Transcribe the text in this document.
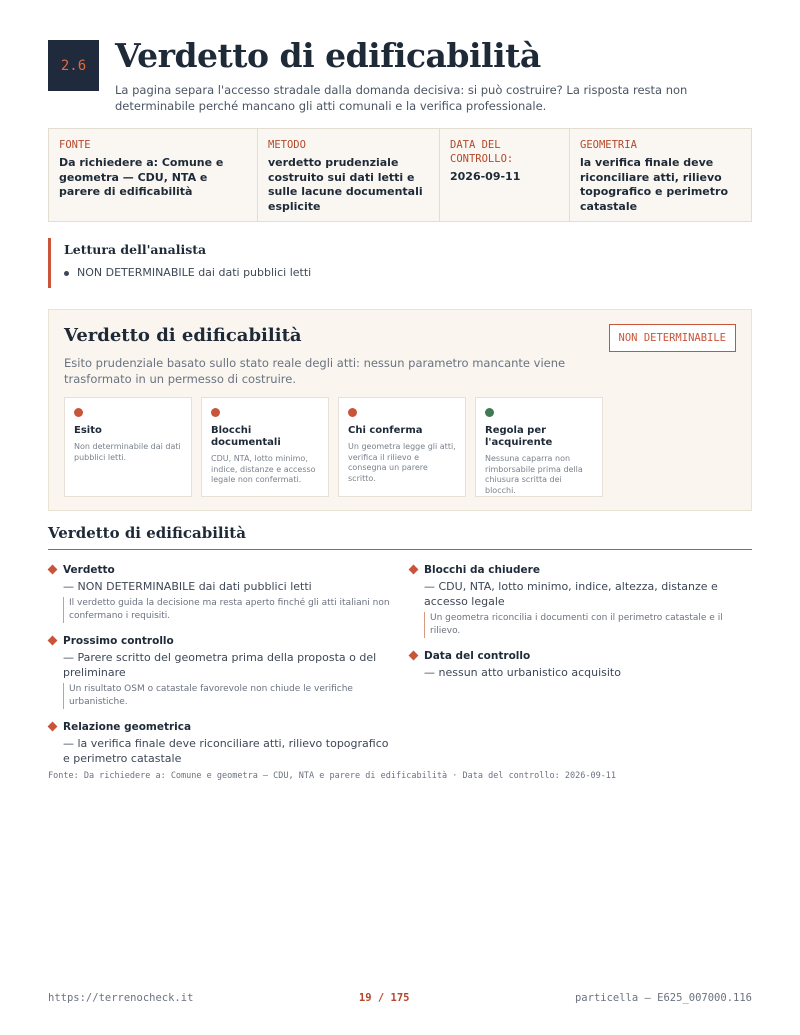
2.6 Verdetto di edificabilità

La pagina separa l'accesso stradale dalla domanda decisiva: si può costruire? La risposta resta non determinabile perché mancano gli atti comunali e la verifica professionale.

FONTE
Da richiedere a: Comune e geometra — CDU, NTA e parere di edificabilità
METODO
verdetto prudenziale costruito sui dati letti e sulle lacune documentali esplicite
DATA DEL CONTROLLO:
2026-09-11
GEOMETRIA
la verifica finale deve riconciliare atti, rilievo topografico e perimetro catastale
Lettura dell'analista
NON DETERMINABILE dai dati pubblici letti
Verdetto di edificabilità	NON DETERMINABILE
Esito prudenziale basato sullo stato reale degli atti: nessun parametro mancante viene trasformato in un permesso di costruire.
Esito
Non determinabile dai dati pubblici letti.
Blocchi documentali
CDU, NTA, lotto minimo, indice, distanze e accesso legale non confermati.
Chi conferma
Un geometra legge gli atti, verifica il rilievo e consegna un parere scritto.
Regola per l'acquirente
Nessuna caparra non rimborsabile prima della chiusura scritta dei blocchi.
Verdetto di edificabilità
Verdetto
— NON DETERMINABILE dai dati pubblici letti
Il verdetto guida la decisione ma resta aperto finché gli atti italiani non confermano i requisiti.
Prossimo controllo
— Parere scritto del geometra prima della proposta o del preliminare
Un risultato OSM o catastale favorevole non chiude le verifiche urbanistiche.
Relazione geometrica
— la verifica finale deve riconciliare atti, rilievo topografico e perimetro catastale
Blocchi da chiudere
— CDU, NTA, lotto minimo, indice, altezza, distanze e accesso legale
Un geometra riconcilia i documenti con il perimetro catastale e il rilievo.
Data del controllo
— nessun atto urbanistico acquisito
Fonte: Da richiedere a: Comune e geometra — CDU, NTA e parere di edificabilità · Data del controllo: 2026-09-11
https://terrenocheck.it	19 / 175	particella — E625_007000.116
